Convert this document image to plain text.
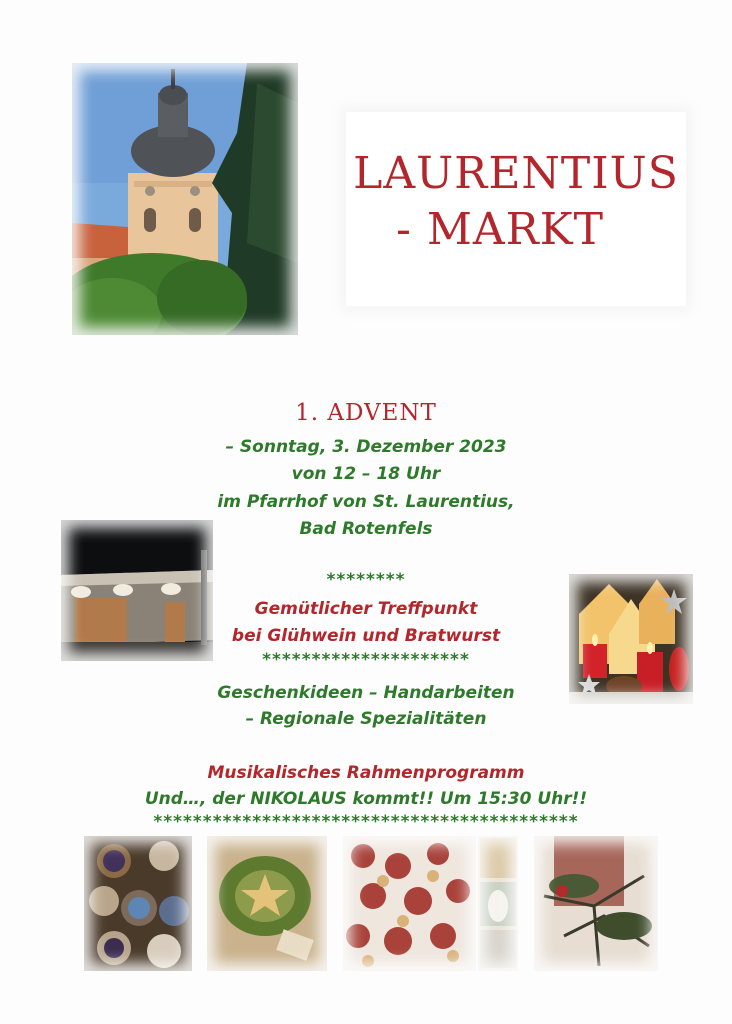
LAURENTIUS
- MARKT
1. ADVENT
– Sonntag, 3. Dezember 2023
von 12 – 18 Uhr
im Pfarrhof von St. Laurentius,
Bad Rotenfels
********
Gemütlicher Treffpunkt
bei Glühwein und Bratwurst
*********************
Geschenkideen – Handarbeiten
– Regionale Spezialitäten
Musikalisches Rahmenprogramm
Und…, der NIKOLAUS kommt!! Um 15:30 Uhr!!
*******************************************
